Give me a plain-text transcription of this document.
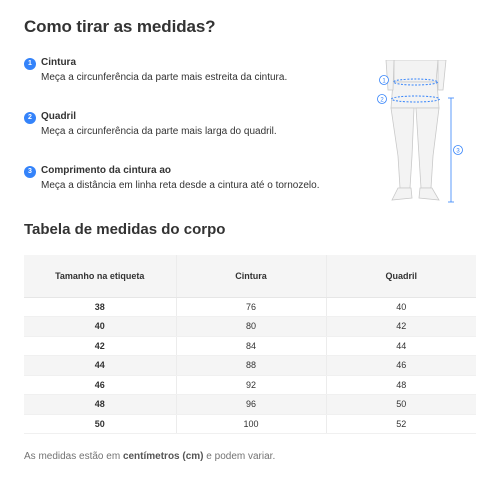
Como tirar as medidas?
1 Cintura
Meça a circunferência da parte mais estreita da cintura.
2 Quadril
Meça a circunferência da parte mais larga do quadril.
3 Comprimento da cintura ao
Meça a distância em linha reta desde a cintura até o tornozelo.
1
2
3
Tabela de medidas do corpo
Tamanho na etiqueta	Cintura	Quadril
38	76	40
40	80	42
42	84	44
44	88	46
46	92	48
48	96	50
50	100	52
As medidas estão em centímetros (cm) e podem variar.
